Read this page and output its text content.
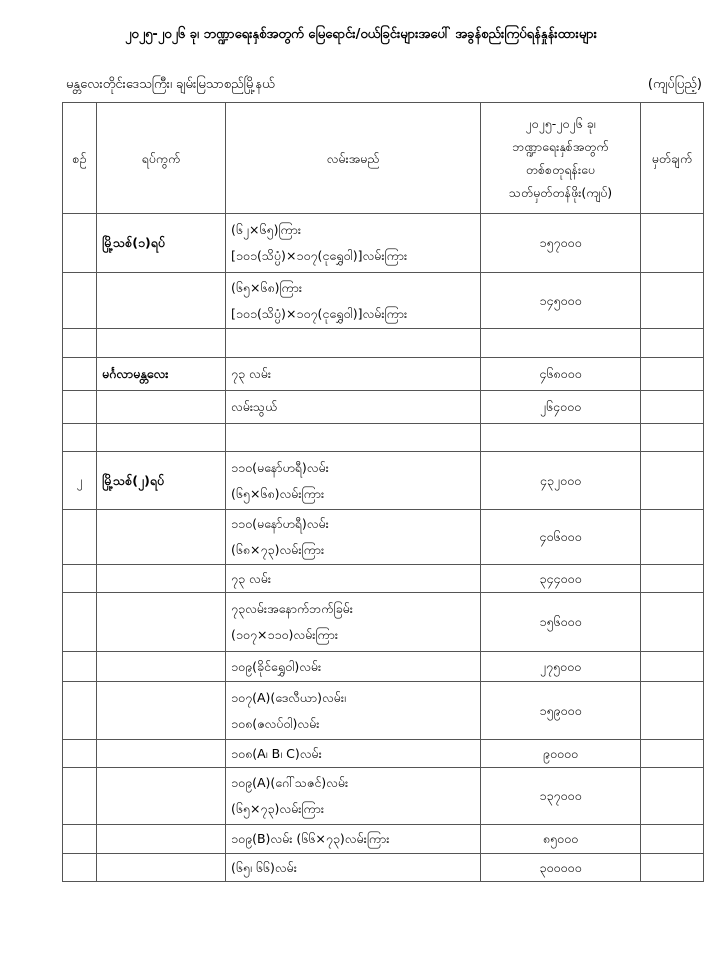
၂၀၂၅-၂၀၂၆ ခု၊ ဘဏ္ဍာရေးနှစ်အတွက် မြေရောင်း/ဝယ်ခြင်းများအပေါ် အခွန်စည်းကြပ်ရန်နှုန်းထားများ
မန္တလေးတိုင်းဒေသကြီး၊ ချမ်းမြသာစည်မြို့နယ်	(ကျပ်ပြည့်)
စဉ်	ရပ်ကွက်	လမ်းအမည်	၂၀၂၅-၂၀၂၆ ခု၊
ဘဏ္ဍာရေးနှစ်အတွက်
တစ်စတုရန်းပေ
သတ်မှတ်တန်ဖိုး(ကျပ်)	မှတ်ချက်
	မြို့သစ်(၁)ရပ်	(၆၂×၆၅)ကြား
[၁၀၁(သိပ္ပံ)×၁၀၇(ငုရွှေဝါ)]လမ်းကြား	၁၅၇၀၀၀	

		(၆၅×၆၈)ကြား
[၁၀၁(သိပ္ပံ)×၁၀၇(ငုရွှေဝါ)]လမ်းကြား	၁၄၅၀၀၀	

	မင်္ဂလာမန္တလေး	၇၃ လမ်း	၄၆၈၀၀၀	

		လမ်းသွယ်	၂၆၄၀၀၀	

၂	မြို့သစ်(၂)ရပ်	၁၁၀(မနော်ဟရီ)လမ်း
(၆၅×၆၈)လမ်းကြား	၄၃၂၀၀၀	

		၁၁၀(မနော်ဟရီ)လမ်း
(၆၈×၇၃)လမ်းကြား	၄၀၆၀၀၀	

		၇၃ လမ်း	၃၄၄၀၀၀	

		၇၃လမ်းအနောက်ဘက်ခြမ်း
(၁၀၇×၁၁၀)လမ်းကြား	၁၅၆၀၀၀	

		၁၀၉(ခိုင်ရွှေဝါ)လမ်း	၂၇၅၀၀၀	

		၁၀၇(A)(ဒေလီယာ)လမ်း၊
၁၀၈(ဇလပ်ဝါ)လမ်း	၁၅၉၀၀၀	

		၁၀၈(A၊ B၊ C)လမ်း	၉၀၀၀၀	

		၁၀၉(A)(ဂေါ်သဇင်)လမ်း
(၆၅×၇၃)လမ်းကြား	၁၃၇၀၀၀	

		၁၀၉(B)လမ်း (၆၆×၇၃)လမ်းကြား	၈၅၀၀၀	

		(၆၅၊ ၆၆)လမ်း	၃၀၀၀၀၀	
